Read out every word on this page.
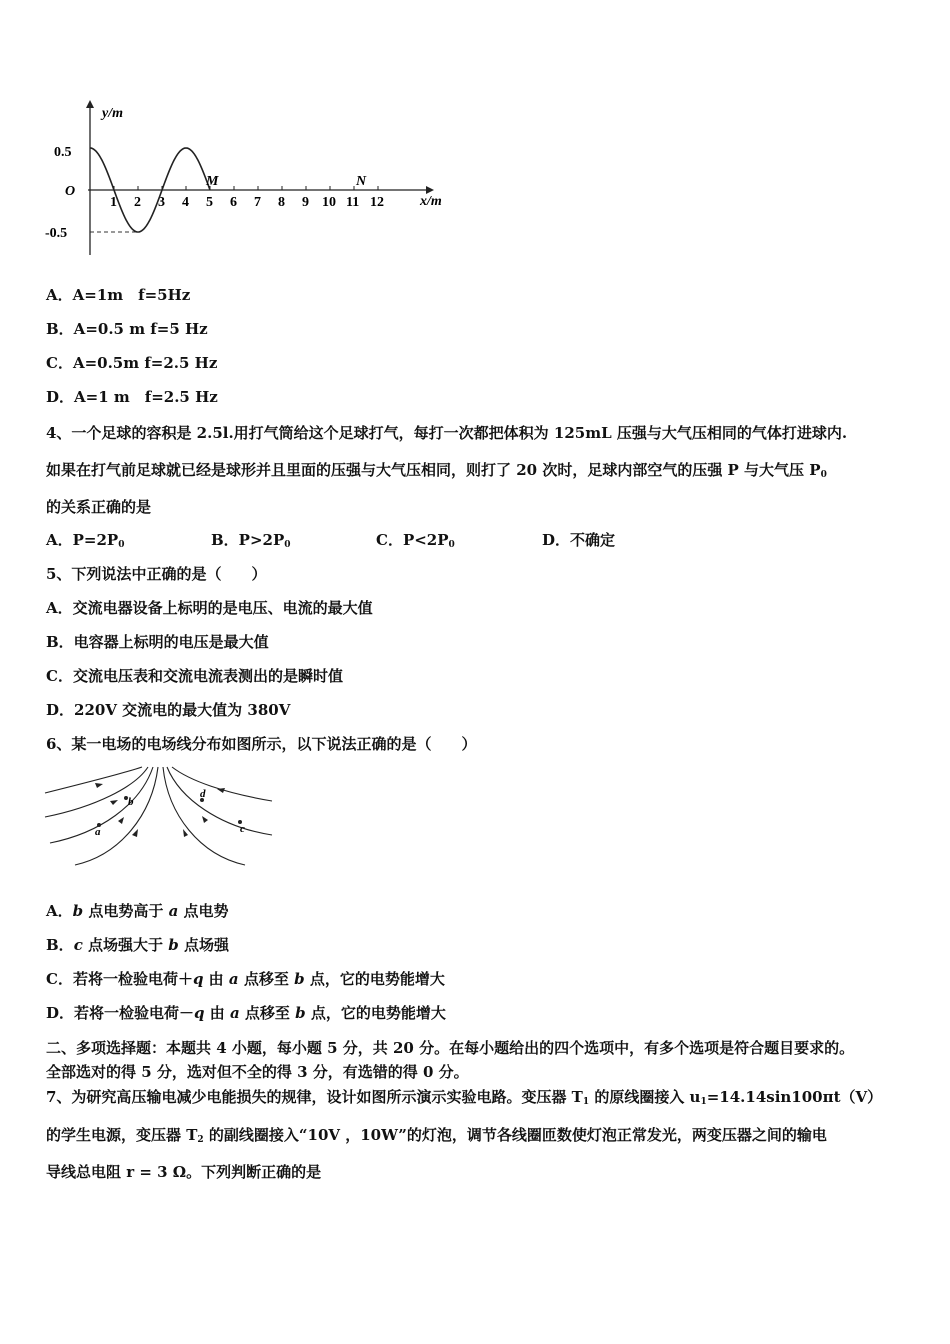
y/m
x/m
O
0.5
-0.5
1 2 3 4 5 6 7 8 9 10 11 12
M	N
A．A=1m　f=5Hz
B．A=0.5 m f=5 Hz
C．A=0.5m f=2.5 Hz
D．A=1 m　f=2.5 Hz
4、一个足球的容积是 2.5l.用打气筒给这个足球打气，每打一次都把体积为 125mL 压强与大气压相同的气体打进球内.
如果在打气前足球就已经是球形并且里面的压强与大气压相同，则打了 20 次时，足球内部空气的压强 P 与大气压 $P_0$
的关系正确的是
A．$P=2P_0$	B．$P>2P_0$	C．$P<2P_0$	D．不确定
5、下列说法中正确的是（　　）
A．交流电器设备上标明的是电压、电流的最大值
B．电容器上标明的电压是最大值
C．交流电压表和交流电流表测出的是瞬时值
D．220V 交流电的最大值为 380V
6、某一电场的电场线分布如图所示，以下说法正确的是（　　）
a
b
c
d
A．b 点电势高于 a 点电势
B．c 点场强大于 b 点场强
C．若将一检验电荷＋q 由 a 点移至 b 点，它的电势能增大
D．若将一检验电荷－q 由 a 点移至 b 点，它的电势能增大
二、多项选择题：本题共 4 小题，每小题 5 分，共 20 分。在每小题给出的四个选项中，有多个选项是符合题目要求的。
全部选对的得 5 分，选对但不全的得 3 分，有选错的得 0 分。
7、为研究高压输电减少电能损失的规律，设计如图所示演示实验电路。变压器 $T_1$ 的原线圈接入 $u_1=14.14\sin 100\pi t(V)$
的学生电源，变压器 $T_2$ 的副线圈接入“10V ，10W”的灯泡，调节各线圈匝数使灯泡正常发光，两变压器之间的输电
导线总电阻 r = 3 Ω。下列判断正确的是
